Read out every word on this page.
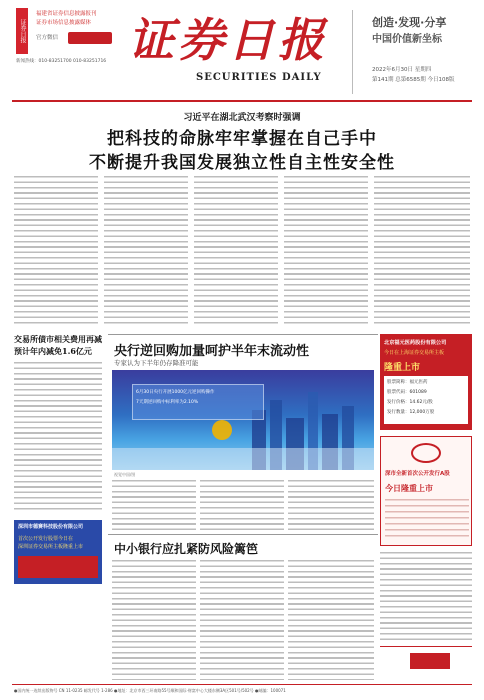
证券日报
福建省证券信息披露报刊
证券市场信息披露媒体
官方微信
新闻热线：010-83251700 010-83251716 证券日报
SECURITIES DAILY
创造·发现·分享
中国价值新坐标
2022年6月30日 星期四
第141期 总第6585期 今日108版
习近平在湖北武汉考察时强调
把科技的命脉牢牢掌握在自己手中
不断提升我国发展独立性自主性安全性
交易所债市相关费用再减
预计年内减免1.6亿元
深圳市德赛科技股份有限公司
首次公开发行股票今日在
深圳证券交易所主板隆重上市
央行逆回购加量呵护半年末流动性
专家认为下半年仍存降准可能
6月30日央行开展1000亿元逆回购操作
7天期逆回购中标利率为2.10%
视觉中国/图
中小银行应扎紧防风险篱笆
北京福元医药股份有限公司
今日在上海证券交易所主板
隆重上市
股票简称：福元医药
股票代码：601089
发行价格：14.62元/股
发行数量：12,000万股
深市全新首次公开发行A股
今日隆重上市
●国内统一连续出版物号 CN 11-0235 邮发代号 1-286 ●地址：北京市西三环南路55号顺和国际·财富中心大楼东侧3A区501号/502号 ●邮编：100071
